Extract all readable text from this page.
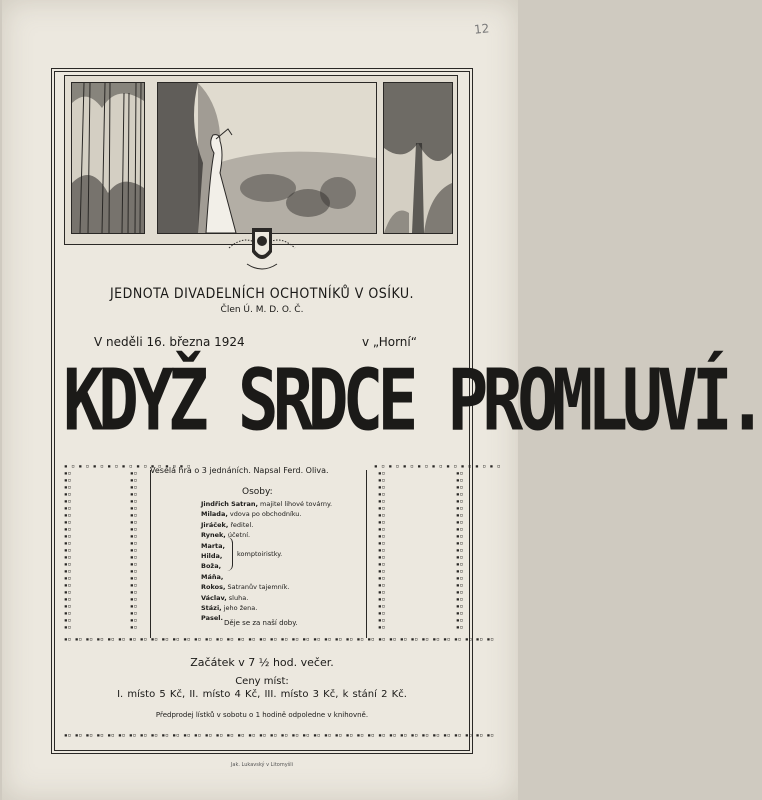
12
JEDNOTA DIVADELNÍCH OCHOTNÍKŮ V OSÍKU.
Člen Ú. M. D. O. Č.
V neděli 16. března 1924	v „Horní“
KDYŽ SRDCE PROMLUVÍ.
Veselá hra o 3 jednáních. Napsal Ferd. Oliva.
▪ ▫ ▪ ▫ ▪ ▫ ▪ ▫ ▪ ▫ ▪ ▫ ▪ ▫ ▪ ▫ ▪ ▫	▪ ▫ ▪ ▫ ▪ ▫ ▪ ▫ ▪ ▫ ▪ ▫ ▪ ▫ ▪ ▫ ▪ ▫
▪▫▪▫▪▫▪▫▪▫▪▫▪▫▪▫▪▫▪▫▪▫▪▫▪▫▪▫▪▫▪▫▪▫▪▫▪▫▪▫▪▫▪▫▪▫
▪▫▪▫▪▫▪▫▪▫▪▫▪▫▪▫▪▫▪▫▪▫▪▫▪▫▪▫▪▫▪▫▪▫▪▫▪▫▪▫▪▫▪▫▪▫
▪▫▪▫▪▫▪▫▪▫▪▫▪▫▪▫▪▫▪▫▪▫▪▫▪▫▪▫▪▫▪▫▪▫▪▫▪▫▪▫▪▫▪▫▪▫
▪▫▪▫▪▫▪▫▪▫▪▫▪▫▪▫▪▫▪▫▪▫▪▫▪▫▪▫▪▫▪▫▪▫▪▫▪▫▪▫▪▫▪▫▪▫
▪▫ ▪▫ ▪▫ ▪▫ ▪▫ ▪▫ ▪▫ ▪▫ ▪▫ ▪▫ ▪▫ ▪▫ ▪▫ ▪▫ ▪▫ ▪▫ ▪▫ ▪▫ ▪▫ ▪▫ ▪▫ ▪▫ ▪▫ ▪▫ ▪▫ ▪▫ ▪▫ ▪▫ ▪▫ ▪▫ ▪▫ ▪▫ ▪▫ ▪▫ ▪▫ ▪▫ ▪▫ ▪▫ ▪▫ ▪▫
▪▫ ▪▫ ▪▫ ▪▫ ▪▫ ▪▫ ▪▫ ▪▫ ▪▫ ▪▫ ▪▫ ▪▫ ▪▫ ▪▫ ▪▫ ▪▫ ▪▫ ▪▫ ▪▫ ▪▫ ▪▫ ▪▫ ▪▫ ▪▫ ▪▫ ▪▫ ▪▫ ▪▫ ▪▫ ▪▫ ▪▫ ▪▫ ▪▫ ▪▫ ▪▫ ▪▫ ▪▫ ▪▫ ▪▫ ▪▫
Osoby:
Jindřich Satran, majitel lihové továrny.
Milada, vdova po obchodníku.
Jiráček, ředitel.
Rynek, účetní.
Marta,
Hilda,
Boža,
Máňa,
Rokos, Satranův tajemník.
Václav, sluha.
Stázi, jeho žena.
Pasel.
komptoiristky.
Děje se za naší doby.
Začátek v 7 ½ hod. večer.
Ceny míst:
I. místo 5 Kč, II. místo 4 Kč, III. místo 3 Kč, k stání 2 Kč.
Předprodej lístků v sobotu o 1 hodině odpoledne v knihovně.
Jak. Lukavský v Litomyšli
